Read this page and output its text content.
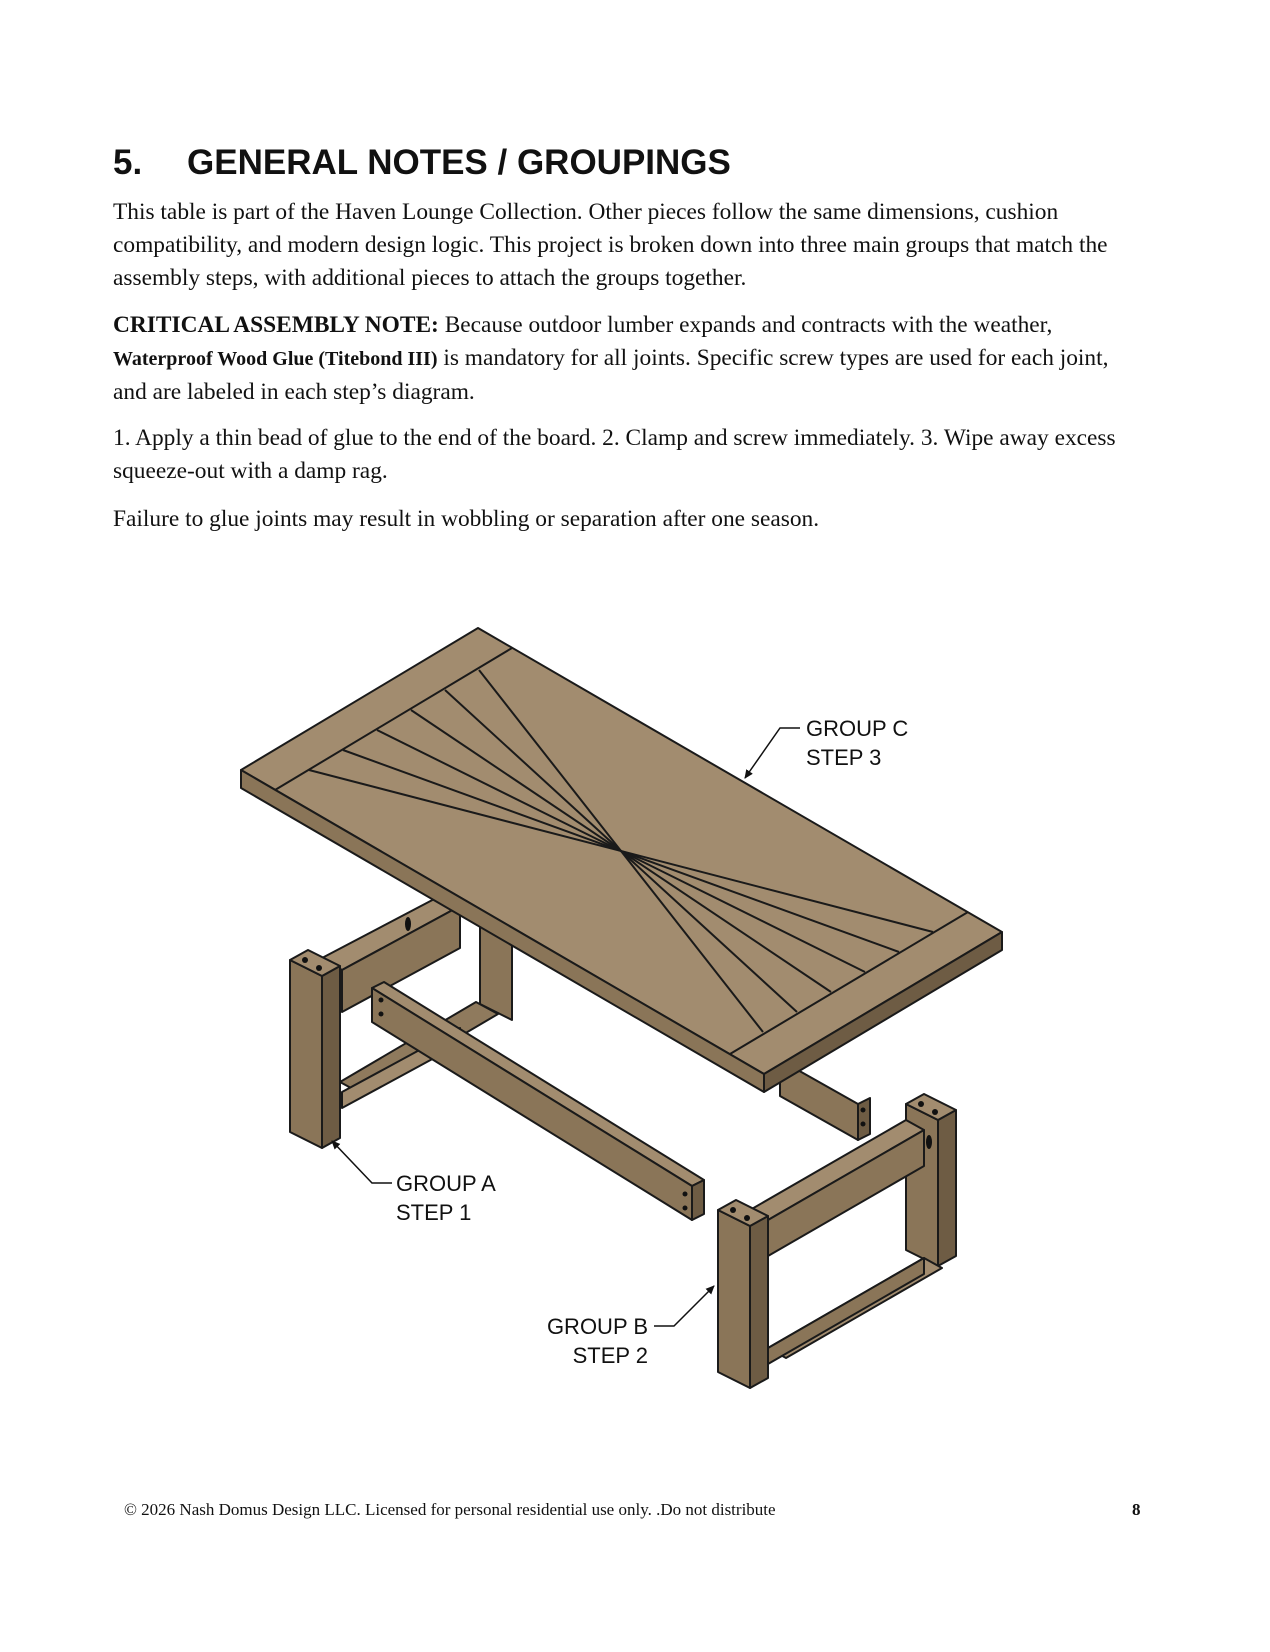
5. GENERAL NOTES / GROUPINGS

This table is part of the Haven Lounge Collection. Other pieces follow the same dimensions, cushion compatibility, and modern design logic. This project is broken down into three main groups that match the assembly steps, with additional pieces to attach the groups together.

CRITICAL ASSEMBLY NOTE: Because outdoor lumber expands and contracts with the weather, Waterproof Wood Glue (Titebond III) is mandatory for all joints. Specific screw types are used for each joint, and are labeled in each step’s diagram.

1. Apply a thin bead of glue to the end of the board. 2. Clamp and screw immediately. 3. Wipe away excess squeeze-out with a damp rag.

Failure to glue joints may result in wobbling or separation after one season.

GROUP C
STEP 3
GROUP A
STEP 1
GROUP B
STEP 2
© 2026 Nash Domus Design LLC. Licensed for personal residential use only. .Do not distribute	8
